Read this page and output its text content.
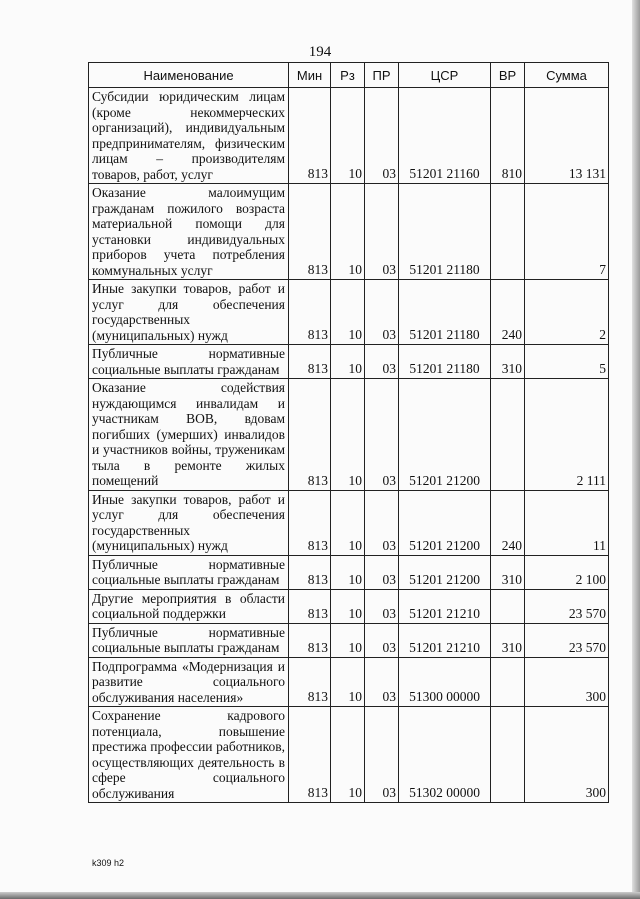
194
Наименование	Мин	Рз	ПР	ЦСР	ВР	Сумма
Субсидии юридическим лицам (кроме некоммерческих организаций), индивидуальным предпринимателям, физическим лицам – производителям товаров, работ, услуг	813	10	03	51201 21160	810	13 131
Оказание малоимущим гражданам пожилого возраста материальной помощи для установки индивидуальных приборов учета потребления коммунальных услуг	813	10	03	51201 21180		7
Иные закупки товаров, работ и услуг для обеспечения государственных (муниципальных) нужд	813	10	03	51201 21180	240	2
Публичные нормативные социальные выплаты гражданам	813	10	03	51201 21180	310	5
Оказание содействия нуждающимся инвалидам и участникам ВОВ, вдовам погибших (умерших) инвалидов и участников войны, труженикам тыла в ремонте жилых помещений	813	10	03	51201 21200		2 111
Иные закупки товаров, работ и услуг для обеспечения государственных (муниципальных) нужд	813	10	03	51201 21200	240	11
Публичные нормативные социальные выплаты гражданам	813	10	03	51201 21200	310	2 100
Другие мероприятия в области социальной поддержки	813	10	03	51201 21210		23 570
Публичные нормативные социальные выплаты гражданам	813	10	03	51201 21210	310	23 570
Подпрограмма «Модернизация и развитие социального обслуживания населения»	813	10	03	51300 00000		300
Сохранение кадрового потенциала, повышение престижа профессии работников, осуществляющих деятельность в сфере социального обслуживания	813	10	03	51302 00000		300
k309 h2
